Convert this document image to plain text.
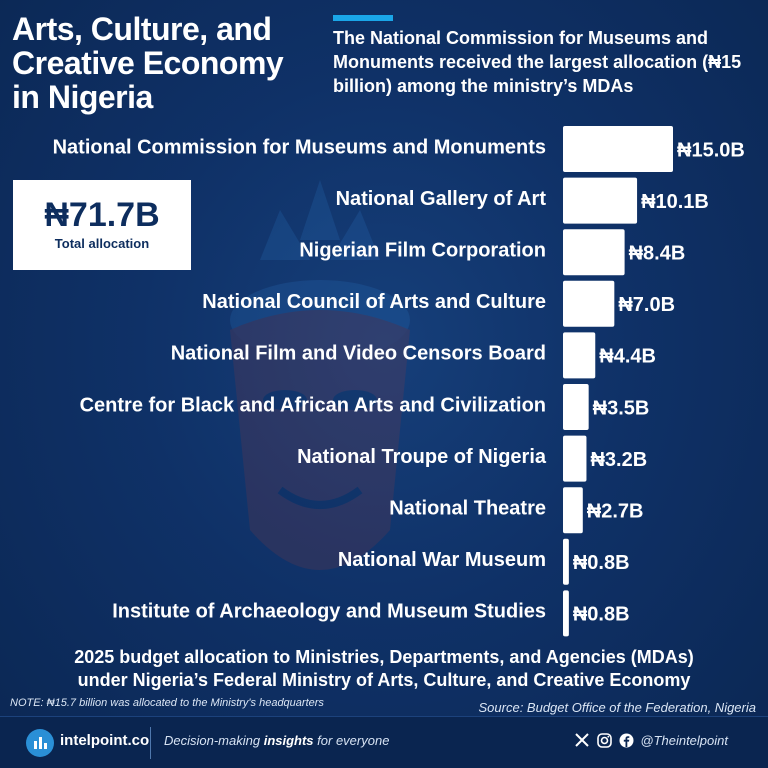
Arts, Culture, and Creative Economy in Nigeria
The National Commission for Museums and Monuments received the largest allocation (₦15 billion) among the ministry’s MDAs
₦71.7B
Total allocation
National Commission for Museums and Monuments	₦15.0B
National Gallery of Art	₦10.1B
Nigerian Film Corporation	₦8.4B
National Council of Arts and Culture	₦7.0B
National Film and Video Censors Board	₦4.4B
Centre for Black and African Arts and Civilization ₦3.5B
National Troupe of Nigeria ₦3.2B
National Theatre ₦2.7B
National War Museum ₦0.8B
Institute of Archaeology and Museum Studies ₦0.8B
2025 budget allocation to Ministries, Departments, and Agencies (MDAs)
under Nigeria’s Federal Ministry of Arts, Culture, and Creative Economy
NOTE: ₦15.7 billion was allocated to the Ministry's headquarters	Source: Budget Office of the Federation, Nigeria
intelpoint.co Decision-making insights for everyone	@Theintelpoint
